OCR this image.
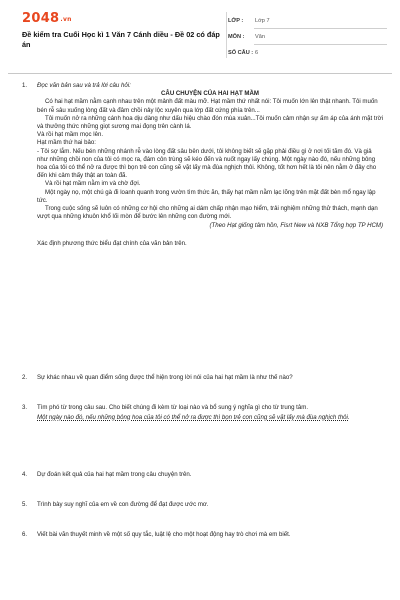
2048.vn
Đề kiểm tra Cuối Học kì 1 Văn 7 Cánh diều - Đề 02 có đáp án
LỚP : Lớp 7
MÔN : Văn
SỐ CÂU : 6
1. Đọc văn bản sau và trả lời câu hỏi:

CÂU CHUYỆN CỦA HAI HẠT MẦM

Có hai hạt mầm nằm cạnh nhau trên một mảnh đất màu mỡ. Hạt mầm thứ nhất nói: Tôi muốn lớn lên thật nhanh. Tôi muốn bén rễ sâu xuống lòng đất và đâm chồi nảy lộc xuyên qua lớp đất cứng phía trên...

Tôi muốn nở ra những cánh hoa dịu dàng như dấu hiệu chào đón mùa xuân...Tôi muốn cảm nhận sự ấm áp của ánh mặt trời và thưởng thức những giọt sương mai đọng trên cành lá.

Và rồi hạt mầm mọc lên.

Hạt mầm thứ hai bảo:

- Tôi sợ lắm. Nếu bén những nhánh rễ vào lòng đất sâu bên dưới, tôi không biết sẽ gặp phải điều gì ở nơi tối tăm đó. Và giả như những chồi non của tôi có mọc ra, đám côn trùng sẽ kéo đến và nuốt ngay lấy chúng. Một ngày nào đó, nếu những bông hoa của tôi có thể nở ra được thì bọn trẻ con cũng sẽ vặt lấy mà đùa nghịch thôi. Không, tốt hơn hết là tôi nên nằm ở đây cho đến khi cảm thấy thật an toàn đã.

Và rồi hạt mầm nằm im và chờ đợi.

Một ngày nọ, một chú gà đi loanh quanh trong vườn tìm thức ăn, thấy hạt mầm nằm lạc lõng trên mặt đất bèn mổ ngay lập tức.

Trong cuộc sống sẽ luôn có những cơ hội cho những ai dám chấp nhận mạo hiểm, trải nghiệm những thử thách, mạnh dạn vượt qua những khuôn khổ lối mòn để bước lên những con đường mới.

(Theo Hạt giống tâm hồn, Fisrt New và NXB Tổng hợp TP HCM)

Xác định phương thức biểu đạt chính của văn bản trên.

2. Sự khác nhau về quan điểm sống được thể hiện trong lời nói của hai hạt mầm là như thế nào?
3. Tìm phó từ trong câu sau. Cho biết chúng đi kèm từ loại nào và bổ sung ý nghĩa gì cho từ trung tâm.

Một ngày nào đó, nếu những bông hoa của tôi có thể nở ra được thì bọn trẻ con cũng sẽ vặt lấy mà đùa nghịch thôi.

4. Dự đoán kết quả của hai hạt mầm trong câu chuyện trên.
5. Trình bày suy nghĩ của em về con đường để đạt được ước mơ.
6. Viết bài văn thuyết minh về một số quy tắc, luật lệ cho một hoạt động hay trò chơi mà em biết.
